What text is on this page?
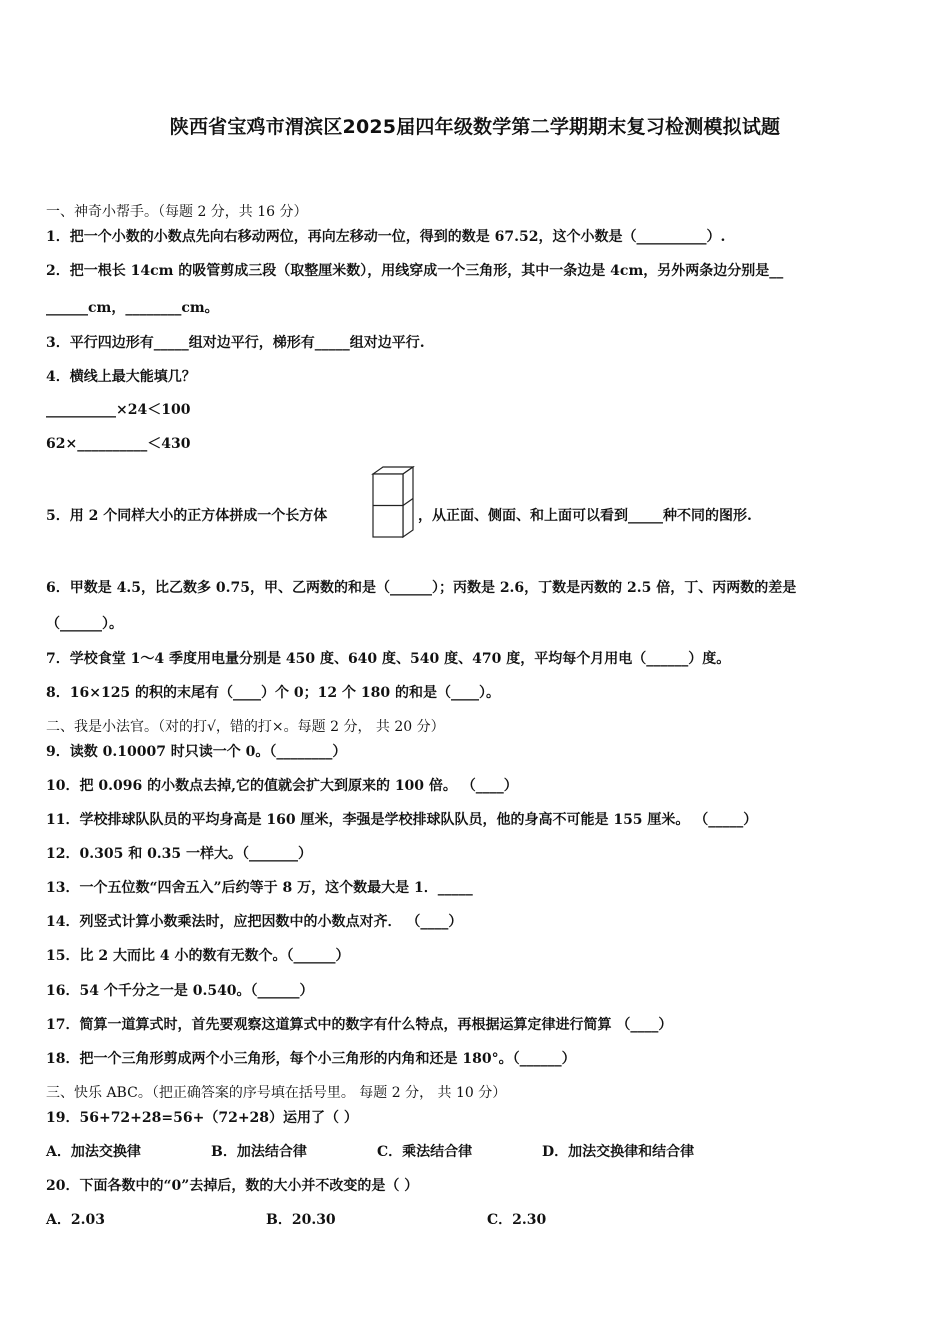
陕西省宝鸡市渭滨区2025届四年级数学第二学期期末复习检测模拟试题
一、神奇小帮手。（每题 2 分，共 16 分）
1．把一个小数的小数点先向右移动两位，再向左移动一位，得到的数是 67.52，这个小数是（__________）.
2．把一根长 14cm 的吸管剪成三段（取整厘米数），用线穿成一个三角形，其中一条边是 4cm，另外两条边分别是__
______cm，________cm。
3．平行四边形有_____组对边平行，梯形有_____组对边平行.
4．横线上最大能填几？
__________×24＜100
62×__________＜430
5．用 2 个同样大小的正方体拼成一个长方体	，从正面、侧面、和上面可以看到_____种不同的图形.
6．甲数是 4.5，比乙数多 0.75，甲、乙两数的和是（______）；丙数是 2.6，丁数是丙数的 2.5 倍，丁、丙两数的差是
（______）。
7．学校食堂 1～4 季度用电量分别是 450 度、640 度、540 度、470 度，平均每个月用电（______）度。
8．16×125 的积的末尾有（____）个 0；12 个 180 的和是（____）。
二、我是小法官。（对的打√，错的打×。每题 2 分， 共 20 分）
9．读数 0.10007 时只读一个 0。（________）
10．把 0.096 的小数点去掉,它的值就会扩大到原来的 100 倍。 （____）
11．学校排球队队员的平均身高是 160 厘米，李强是学校排球队队员，他的身高不可能是 155 厘米。 （_____）
12．0.305 和 0.35 一样大。（_______）
13．一个五位数“四舍五入”后约等于 8 万，这个数最大是 1．_____
14．列竖式计算小数乘法时，应把因数中的小数点对齐． （____）
15．比 2 大而比 4 小的数有无数个。（______）
16．54 个千分之一是 0.540。（______）
17．简算一道算式时，首先要观察这道算式中的数字有什么特点，再根据运算定律进行简算 （____）
18．把一个三角形剪成两个小三角形，每个小三角形的内角和还是 180°。（______）
三、快乐 ABC。（把正确答案的序号填在括号里。 每题 2 分， 共 10 分）
19．56+72+28=56+（72+28）运用了（ ）
A．加法交换律	B．加法结合律	C．乘法结合律	D．加法交换律和结合律
20．下面各数中的“0”去掉后，数的大小并不改变的是（ ）
A．2.03	B．20.30	C．2.30
